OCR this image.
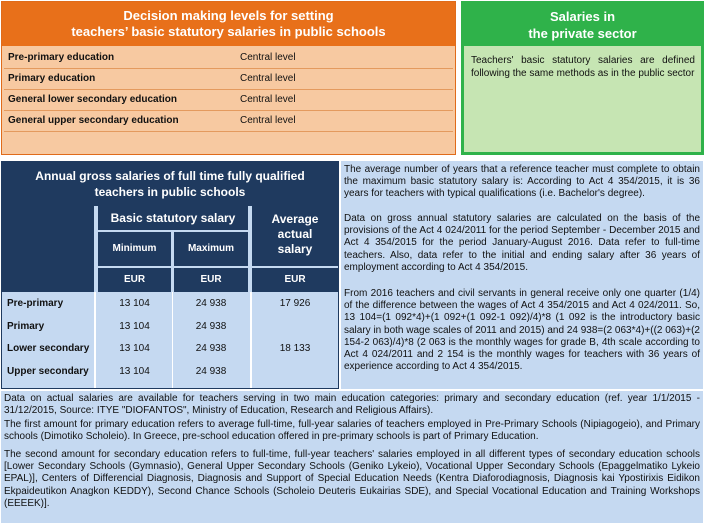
Decision making levels for setting
teachers’ basic statutory salaries in public schools
Pre-primary education	Central level
Primary education	Central level
General lower secondary education	Central level
General upper secondary education	Central level
Salaries in
the private sector
Teachers' basic statutory salaries are defined following the same methods as in the public sector
Annual gross salaries of full time fully qualified
teachers in public schools
Basic statutory salary
Minimum	Maximum
Average
actual
salary
EUR	EUR	EUR
Pre-primary	13 104	24 938	17 926
Primary	13 104	24 938
Lower secondary	13 104	24 938	18 133
Upper secondary	13 104	24 938

The average number of years that a reference teacher must complete to obtain the maximum basic statutory salary is: According to Act 4 354/2015, it is 36 years for teachers with typical qualifications (i.e. Bachelor's degree).

Data on gross annual statutory salaries are calculated on the basis of the provisions of the Act 4 024/2011 for the period September - December 2015 and Act 4 354/2015 for the period January-August 2016. Data refer to full-time teachers. Also, data refer to the initial and ending salary after 36 years of employment according to Act 4 354/2015.

From 2016 teachers and civil servants in general receive only one quarter (1/4) of the difference between the wages of Act 4 354/2015 and Act 4 024/2011. So, 13 104=(1 092*4)+(1 092+(1 092-1 092)/4)*8 (1 092 is the introductory basic salary in both wage scales of 2011 and 2015) and 24 938=(2 063*4)+((2 063)+(2 154-2 063)/4)*8 (2 063 is the monthly wages for grade B, 4th scale according to Act 4 024/2011 and 2 154 is the monthly wages for teachers with 36 years of experience according to Act 4 354/2015.

Data on actual salaries are available for teachers serving in two main education categories: primary and secondary education (ref. year 1/1/2015 - 31/12/2015, Source: ITYE "DIOFANTOS", Ministry of Education, Research and Religious Affairs).

The first amount for primary education refers to average full-time, full-year salaries of teachers employed in Pre-Primary Schools (Nipiagogeio), and Primary schools (Dimotiko Scholeio). In Greece, pre-school education offered in pre-primary schools is part of Primary Education.

The second amount for secondary education refers to full-time, full-year teachers' salaries employed in all different types of secondary education schools [Lower Secondary Schools (Gymnasio), General Upper Secondary Schools (Geniko Lykeio), Vocational Upper Secondary Schools (Epaggelmatiko Lykeio EPAL)], Centers of Differencial Diagnosis, Diagnosis and Support of Special Education Needs (Kentra Diaforodiagnosis, Diagnosis kai Ypostirixis Eidikon Ekpaideutikon Anagkon KEDDY), Second Chance Schools (Scholeio Deuteris Eukairias SDE), and Special Vocational Education and Training Workshops (EEEEK)].
